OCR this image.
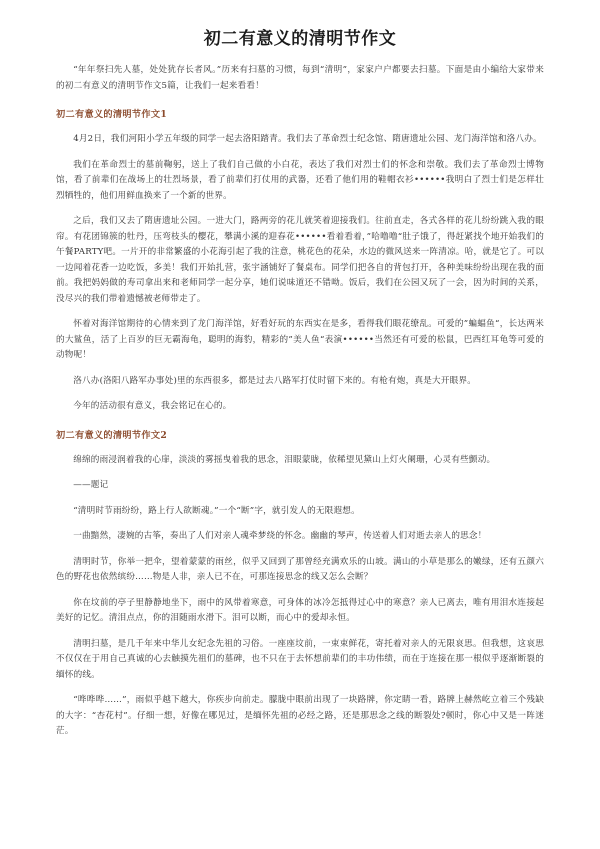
初二有意义的清明节作文

“年年祭扫先人墓，处处犹存长者风。”历来有扫墓的习惯，每到“清明”，家家户户都要去扫墓。下面是由小编给大家带来的初二有意义的清明节作文5篇，让我们一起来看看！

初二有意义的清明节作文1

4月2日，我们河阳小学五年级的同学一起去洛阳踏青。我们去了革命烈士纪念馆、隋唐遗址公园、龙门海洋馆和洛八办。

我们在革命烈士的墓前鞠躬，送上了我们自己做的小白花，表达了我们对烈士们的怀念和崇敬。我们去了革命烈士博物馆，看了前辈们在战场上的壮烈场景，看了前辈们打仗用的武器，还看了他们用的鞋帽衣衫••••••我明白了烈士们是怎样壮烈牺牲的，他们用鲜血换来了一个新的世界。

之后，我们又去了隋唐遗址公园。一进大门，路两旁的花儿就笑着迎接我们。往前直走，各式各样的花儿纷纷跳入我的眼帘。有花团锦簇的牡丹，压弯枝头的樱花，攀满小溪的迎春花••••••看着看着，”哈噜噜“肚子饿了，得赶紧找个地开始我们的午餐PARTY吧。一片开的非常繁盛的小花海引起了我的注意，桃花色的花朵，水边的微风送来一阵清凉。哈，就是它了。可以一边闻着花香一边吃饭，多美！我们开始扎营，张宇涵铺好了餐桌布。同学们把各自的背包打开，各种美味纷纷出现在我的面前。我把妈妈做的寿司拿出来和老师同学一起分享，她们说味道还不错呦。饭后，我们在公园又玩了一会，因为时间的关系，没尽兴的我们带着遗憾被老师带走了。

怀着对海洋馆期待的心情来到了龙门海洋馆，好看好玩的东西实在是多，看得我们眼花缭乱。可爱的”蝙蝠鱼“，长达两米的大鲨鱼，活了上百岁的巨无霸海龟，聪明的海豹，精彩的”美人鱼“表演••••••当然还有可爱的松鼠，巴西红耳龟等可爱的动物呢！

洛八办(洛阳八路军办事处)里的东西很多，都是过去八路军打仗时留下来的。有枪有炮，真是大开眼界。

今年的活动很有意义，我会铭记在心的。

初二有意义的清明节作文2

绵绵的雨浸润着我的心扉，淡淡的雾摇曳着我的思念，泪眼蒙眬，依稀望见黛山上灯火阑珊，心灵有些颤动。

——题记

“清明时节雨纷纷，路上行人欲断魂。”一个“断”字，就引发人的无限遐想。

一曲黯然，凄婉的古筝，奏出了人们对亲人魂牵梦绕的怀念。幽幽的琴声，传送着人们对逝去亲人的思念！

清明时节，你举一把伞，望着蒙蒙的雨丝，似乎又回到了那曾经充满欢乐的山坡。满山的小草是那么的嫩绿，还有五颜六色的野花也依然缤纷……物是人非，亲人已不在，可那连接思念的线又怎么会断？

你在坟前的亭子里静静地坐下，雨中的风带着寒意，可身体的冰冷怎抵得过心中的寒意？亲人已离去，唯有用泪水连接起美好的记忆。清泪点点，你的泪随雨水滑下。泪可以断，而心中的爱却永恒。

清明扫墓，是几千年来中华儿女纪念先祖的习俗。一座座坟前，一束束鲜花，寄托着对亲人的无限哀思。但我想，这哀思不仅仅在于用自己真诚的心去触摸先祖们的墓碑，也不只在于去怀想前辈们的丰功伟绩，而在于连接在那一根似乎逐渐断裂的缅怀的线。

“哗哗哗……”，雨似乎越下越大，你疾步向前走。朦胧中眼前出现了一块路牌，你定睛一看，路牌上赫然屹立着三个残缺的大字：“杏花村”。仔细一想，好像在哪见过，是缅怀先祖的必经之路，还是那思念之线的断裂处?顿时，你心中又是一阵迷茫。
